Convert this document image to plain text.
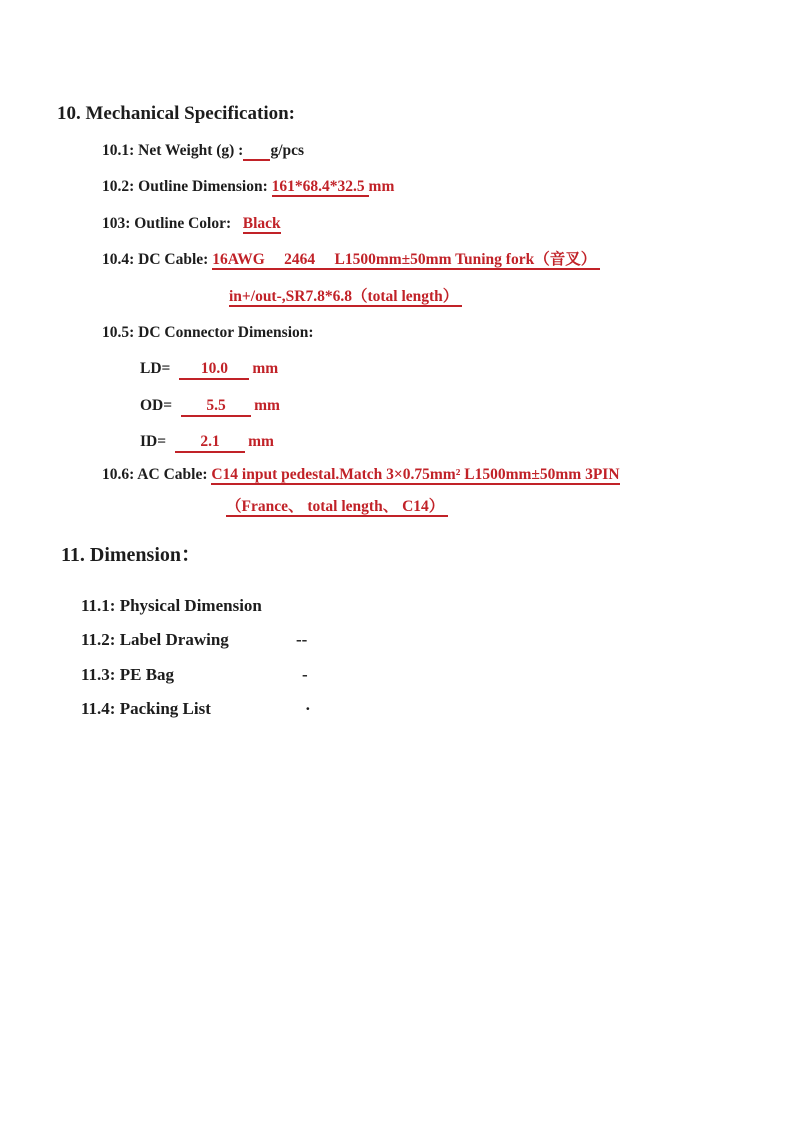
10. Mechanical Specification:
10.1: Net Weight (g) : g/pcs
10.2: Outline Dimension: 161*68.4*32.5 mm
103: Outline Color:   Black
10.4: DC Cable: 16AWG     2464     L1500mm±50mm Tuning fork（音叉）
in+/out-,SR7.8*6.8（total length）
10.5: DC Connector Dimension:
LD= 10.0 mm
OD= 5.5 mm
ID= 2.1 mm
10.6: AC Cable: C14 input pedestal.Match 3×0.75mm² L1500mm±50mm 3PIN
（France、 total length、 C14）
11. Dimension：
11.1: Physical Dimension
11.2: Label Drawing	--
11.3: PE Bag	-
11.4: Packing List	·
